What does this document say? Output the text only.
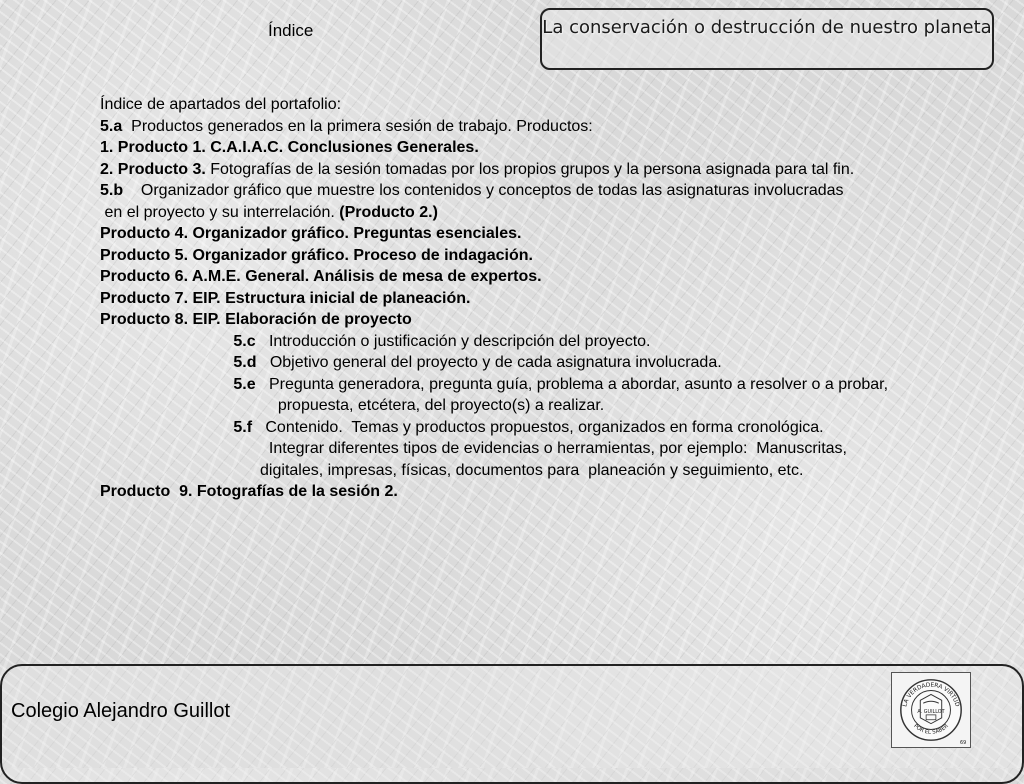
Índice	La conservación o destrucción de nuestro planeta
Índice de apartados del portafolio:
5.a  Productos generados en la primera sesión de trabajo. Productos:
1. Producto 1. C.A.I.A.C. Conclusiones Generales.
2. Producto 3. Fotografías de la sesión tomadas por los propios grupos y la persona asignada para tal fin.
5.b    Organizador gráfico que muestre los contenidos y conceptos de todas las asignaturas involucradas
en el proyecto y su interrelación. (Producto 2.)
Producto 4. Organizador gráfico. Preguntas esenciales.
Producto 5. Organizador gráfico. Proceso de indagación.
Producto 6. A.M.E. General. Análisis de mesa de expertos.
Producto 7. EIP. Estructura inicial de planeación.
Producto 8. EIP. Elaboración de proyecto
5.c   Introducción o justificación y descripción del proyecto.
5.d   Objetivo general del proyecto y de cada asignatura involucrada.
5.e   Pregunta generadora, pregunta guía, problema a abordar, asunto a resolver o a probar,
propuesta, etcétera, del proyecto(s) a realizar.
5.f   Contenido.  Temas y productos propuestos, organizados en forma cronológica.
Integrar diferentes tipos de evidencias o herramientas, por ejemplo:  Manuscritas,
digitales, impresas, físicas, documentos para  planeación y seguimiento, etc.
Producto  9. Fotografías de la sesión 2.
Colegio Alejandro Guillot	LA VERDADERA VIRTUD
POR EL SABER
A. GUILLOT
69
